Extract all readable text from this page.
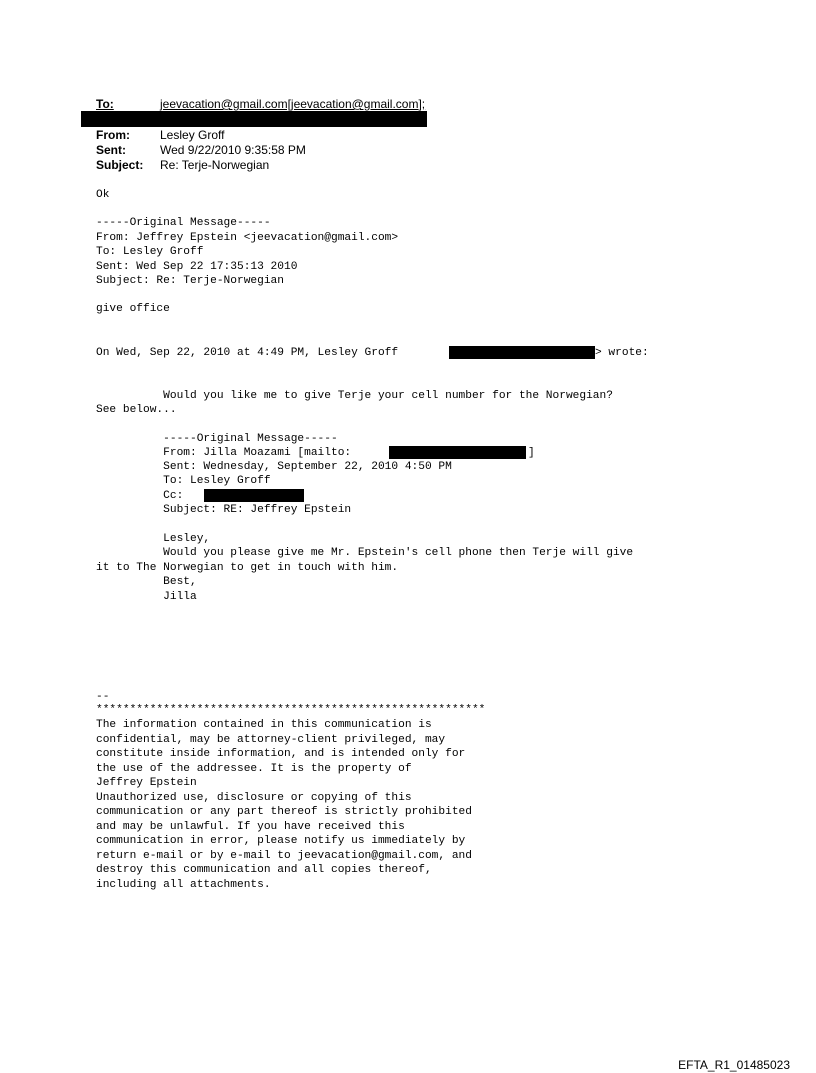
To:	jeevacation@gmail.com[jeevacation@gmail.com];
From:	Lesley Groff
Sent:	Wed 9/22/2010 9:35:58 PM
Subject: Re: Terje-Norwegian
Ok
-----Original Message-----
From: Jeffrey Epstein <jeevacation@gmail.com>
To: Lesley Groff
Sent: Wed Sep 22 17:35:13 2010
Subject: Re: Terje-Norwegian
give office
On Wed, Sep 22, 2010 at 4:49 PM, Lesley Groff	> wrote:
Would you like me to give Terje your cell number for the Norwegian?
See below...
-----Original Message-----
From: Jilla Moazami [mailto:	]
Sent: Wednesday, September 22, 2010 4:50 PM
To: Lesley Groff
Cc:
Subject: RE: Jeffrey Epstein
Lesley,
Would you please give me Mr. Epstein's cell phone then Terje will give
it to The Norwegian to get in touch with him.
Best,
Jilla
--
**********************************************************
The information contained in this communication is
confidential, may be attorney-client privileged, may
constitute inside information, and is intended only for
the use of the addressee. It is the property of
Jeffrey Epstein
Unauthorized use, disclosure or copying of this
communication or any part thereof is strictly prohibited
and may be unlawful. If you have received this
communication in error, please notify us immediately by
return e-mail or by e-mail to jeevacation@gmail.com, and
destroy this communication and all copies thereof,
including all attachments.
EFTA_R1_01485023
